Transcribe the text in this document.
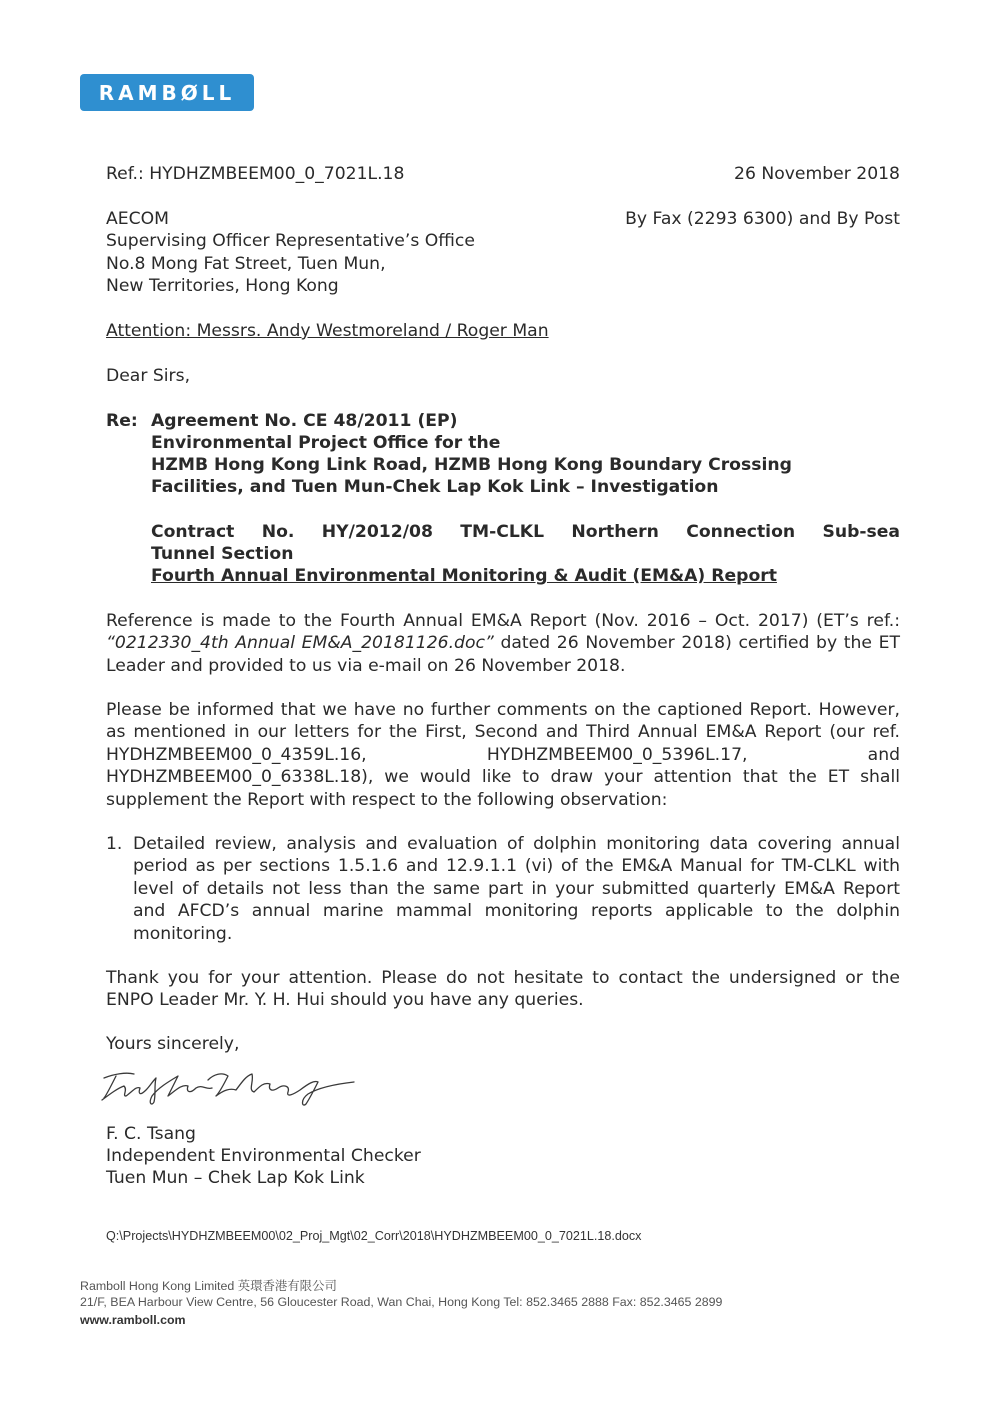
RAMBØLL
Ref.: HYDHZMBEEM00_0_7021L.18	26 November 2018
By Fax (2293 6300) and By Post
AECOM
Supervising Officer Representative’s Office
No.8 Mong Fat Street, Tuen Mun,
New Territories, Hong Kong
Attention: Messrs. Andy Westmoreland / Roger Man
Dear Sirs,
Re: Agreement No. CE 48/2011 (EP)
Environmental Project Office for the
HZMB Hong Kong Link Road, HZMB Hong Kong Boundary Crossing
Facilities, and Tuen Mun-Chek Lap Kok Link – Investigation
Contract No. HY/2012/08 TM-CLKL Northern Connection Sub-sea
Tunnel Section
Fourth Annual Environmental Monitoring & Audit (EM&A) Report
Reference is made to the Fourth Annual EM&A Report (Nov. 2016 – Oct. 2017) (ET’s ref.: “0212330_4th Annual EM&A_20181126.doc” dated 26 November 2018) certified by the ET Leader and provided to us via e-mail on 26 November 2018.
Please be informed that we have no further comments on the captioned Report. However, as mentioned in our letters for the First, Second and Third Annual EM&A Report (our ref. HYDHZMBEEM00_0_4359L.16, HYDHZMBEEM00_0_5396L.17, and HYDHZMBEEM00_0_6338L.18), we would like to draw your attention that the ET shall supplement the Report with respect to the following observation:
1. Detailed review, analysis and evaluation of dolphin monitoring data covering annual period as per sections 1.5.1.6 and 12.9.1.1 (vi) of the EM&A Manual for TM-CLKL with level of details not less than the same part in your submitted quarterly EM&A Report and AFCD’s annual marine mammal monitoring reports applicable to the dolphin monitoring.
Thank you for your attention. Please do not hesitate to contact the undersigned or the ENPO Leader Mr. Y. H. Hui should you have any queries.
Yours sincerely,
F. C. Tsang
Independent Environmental Checker
Tuen Mun – Chek Lap Kok Link
Q:\Projects\HYDHZMBEEM00\02_Proj_Mgt\02_Corr\2018\HYDHZMBEEM00_0_7021L.18.docx
Ramboll Hong Kong Limited 英環香港有限公司
21/F, BEA Harbour View Centre, 56 Gloucester Road, Wan Chai, Hong Kong Tel: 852.3465 2888 Fax: 852.3465 2899
www.ramboll.com
